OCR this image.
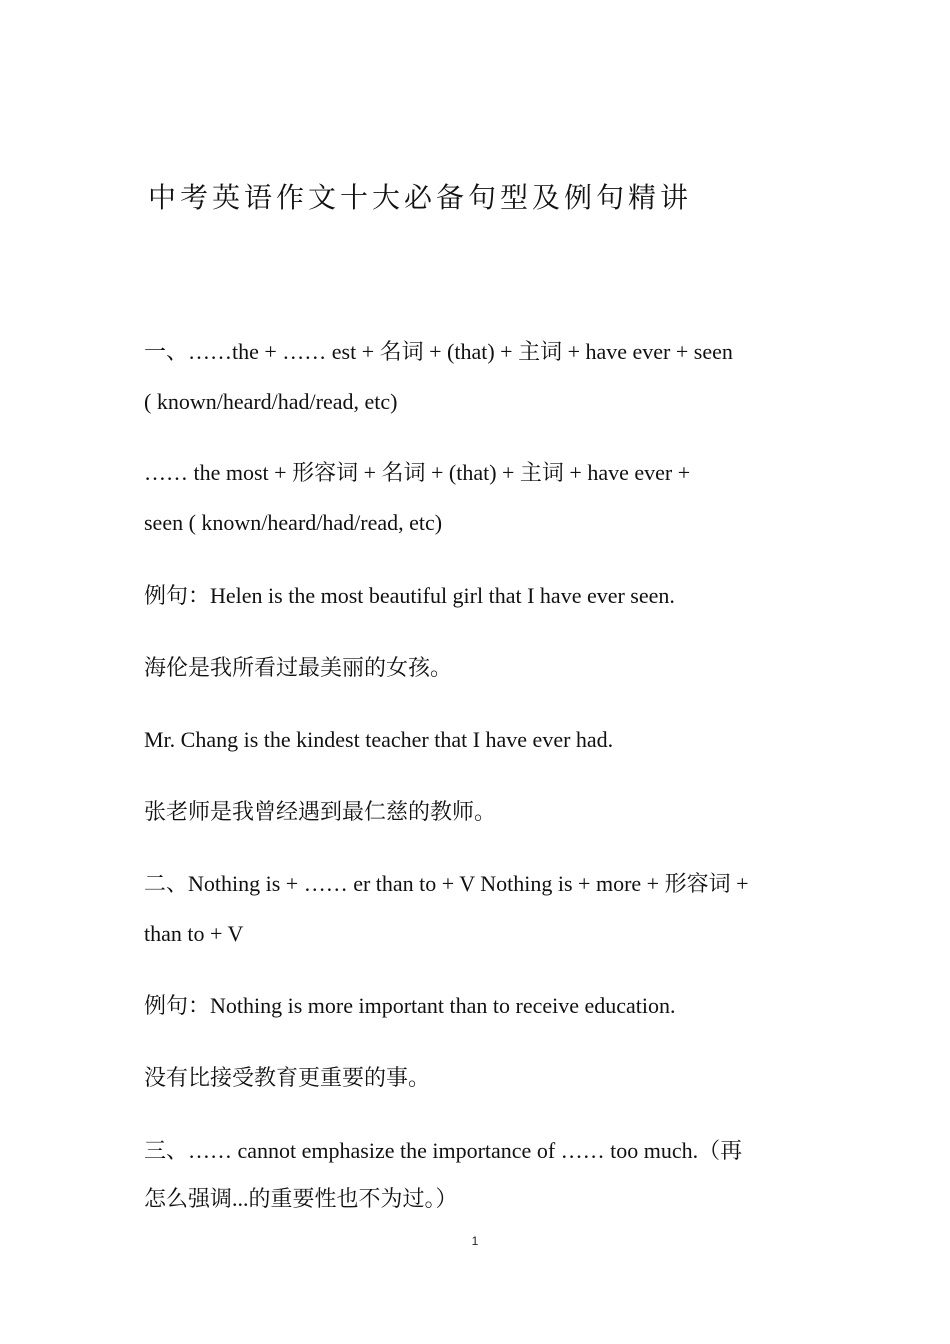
中考英语作文十大必备句型及例句精讲
一、……the + …… est + 名词 + (that) + 主词 + have ever + seen
( known/heard/had/read, etc)
…… the most + 形容词 + 名词 + (that) + 主词 + have ever +
seen ( known/heard/had/read, etc)
例句：Helen is the most beautiful girl that I have ever seen.
海伦是我所看过最美丽的女孩。
Mr. Chang is the kindest teacher that I have ever had.
张老师是我曾经遇到最仁慈的教师。
二、Nothing is + …… er than to + V Nothing is + more + 形容词 +
than to + V
例句：Nothing is more important than to receive education.
没有比接受教育更重要的事。
三、…… cannot emphasize the importance of …… too much.（再
怎么强调...的重要性也不为过。）
1
